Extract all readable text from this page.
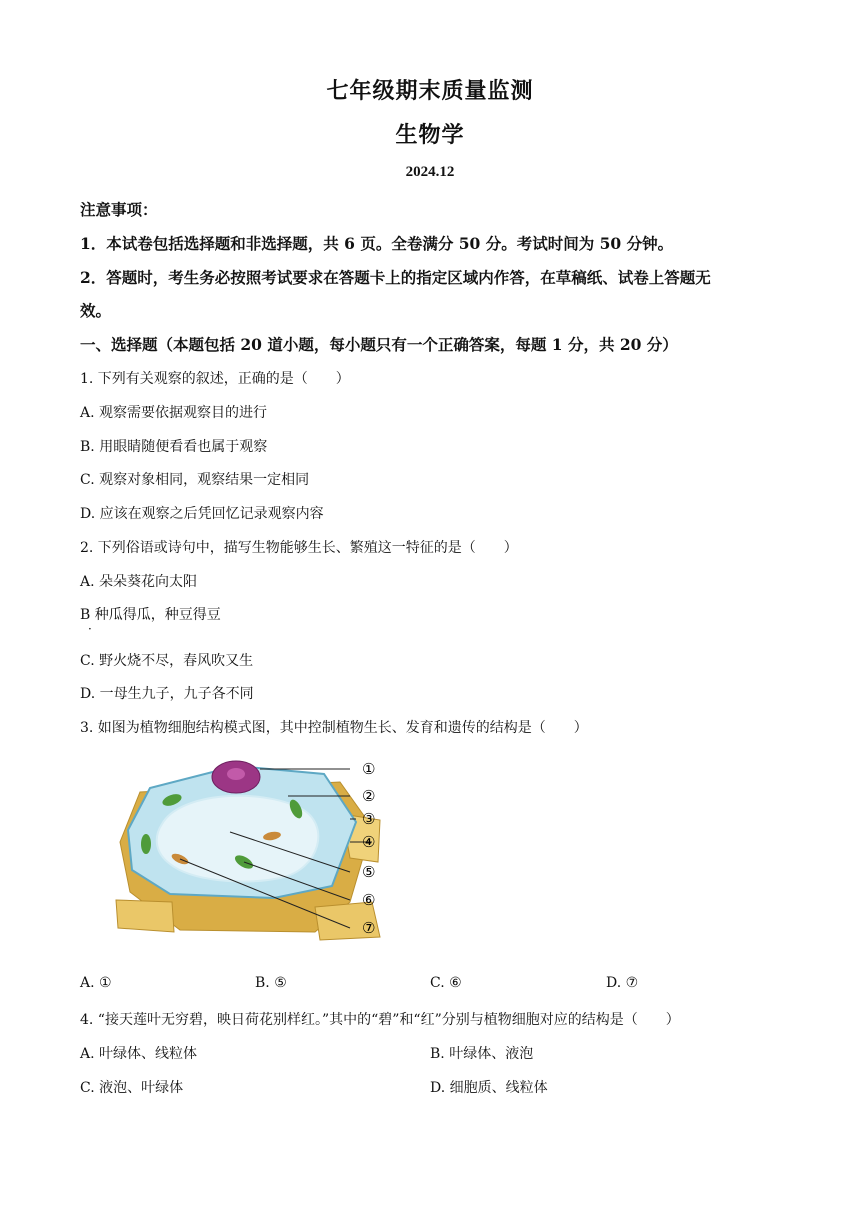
七年级期末质量监测
生物学
2024.12
注意事项：
1．本试卷包括选择题和非选择题，共 6 页。全卷满分 50 分。考试时间为 50 分钟。
2．答题时，考生务必按照考试要求在答题卡上的指定区域内作答，在草稿纸、试卷上答题无
效。
一、选择题（本题包括 20 道小题，每小题只有一个正确答案，每题 1 分，共 20 分）
1. 下列有关观察的叙述，正确的是（　　）
A. 观察需要依据观察目的进行
B. 用眼睛随便看看也属于观察
C. 观察对象相同，观察结果一定相同
D. 应该在观察之后凭回忆记录观察内容
2. 下列俗语或诗句中，描写生物能够生长、繁殖这一特征的是（　　）
A. 朵朵葵花向太阳
B 种瓜得瓜，种豆得豆
·
C. 野火烧不尽，春风吹又生
D. 一母生九子，九子各不同
3. 如图为植物细胞结构模式图，其中控制植物生长、发育和遗传的结构是（　　）
①
②
③
④
⑤
⑥
⑦
A. ①	B. ⑤	C. ⑥	D. ⑦
4. “接天莲叶无穷碧，映日荷花别样红。”其中的“碧”和“红”分别与植物细胞对应的结构是（　　）
A. 叶绿体、线粒体	B. 叶绿体、液泡
C. 液泡、叶绿体	D. 细胞质、线粒体
